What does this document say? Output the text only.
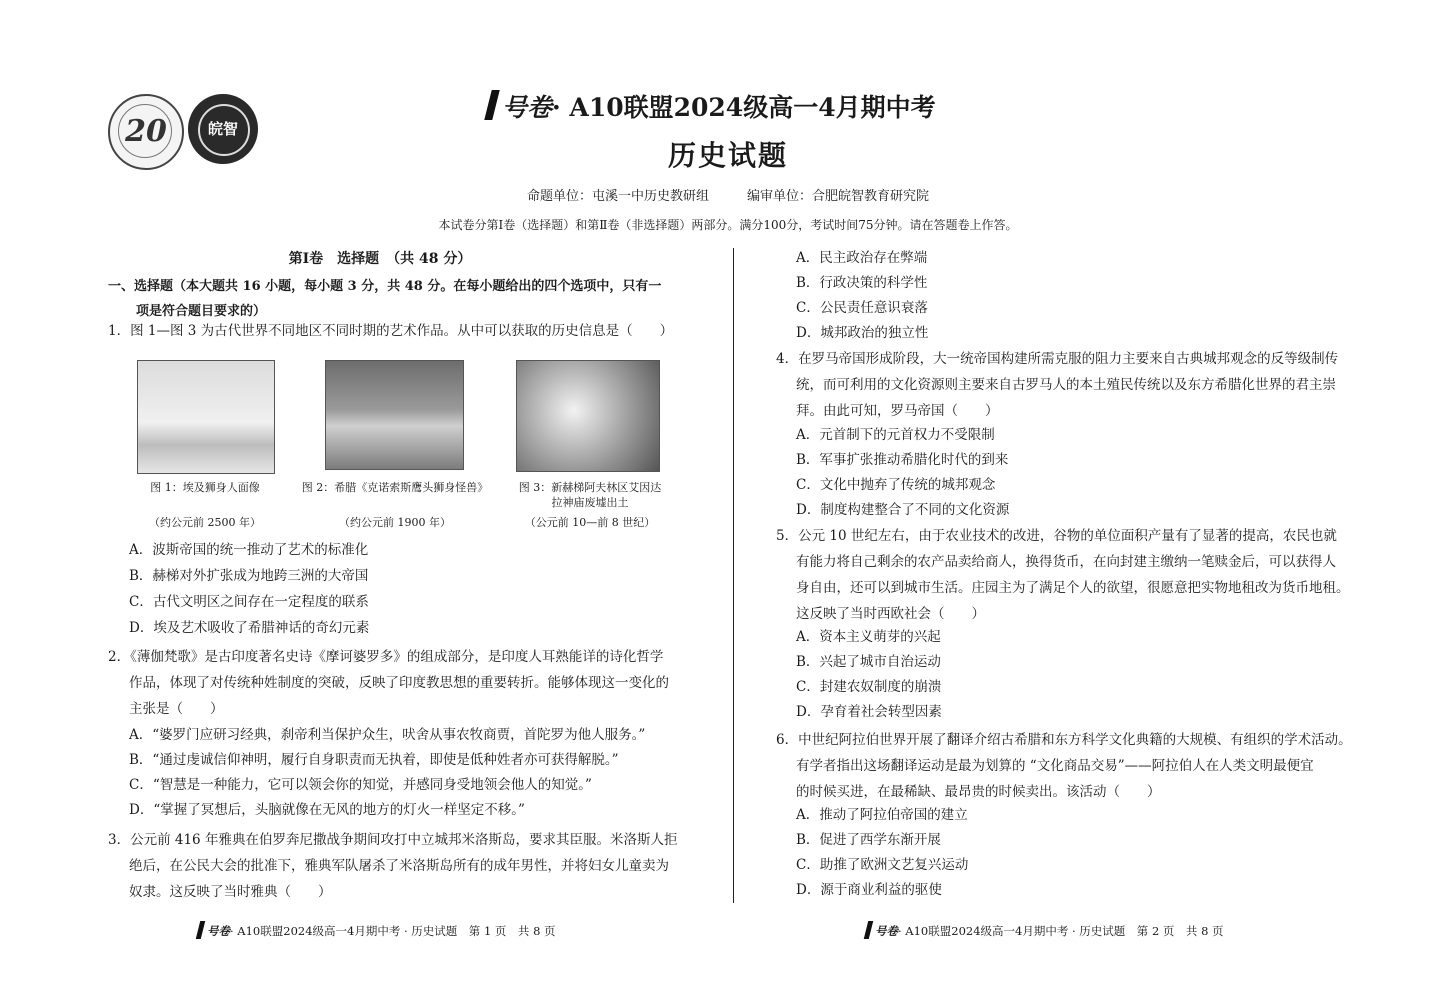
20	皖智
号卷· A10联盟2024级高一4月期中考
历史试题
命题单位：屯溪一中历史教研组	编审单位：合肥皖智教育研究院
本试卷分第Ⅰ卷（选择题）和第Ⅱ卷（非选择题）两部分。满分100分，考试时间75分钟。请在答题卷上作答。
第Ⅰ卷　选择题　（共 48 分）
一、选择题（本大题共 16 小题，每小题 3 分，共 48 分。在每小题给出的四个选项中，只有一
项是符合题目要求的）
1．图 1—图 3 为古代世界不同地区不同时期的艺术作品。从中可以获取的历史信息是（　　）
图 1：埃及狮身人面像	图 2：希腊《克诺索斯鹰头狮身怪兽》	图 3：新赫梯阿夫林区艾因达
拉神庙废墟出土
（约公元前 2500 年）	（约公元前 1900 年）	（公元前 10—前 8 世纪）
A．波斯帝国的统一推动了艺术的标准化
B．赫梯对外扩张成为地跨三洲的大帝国
C．古代文明区之间存在一定程度的联系
D．埃及艺术吸收了希腊神话的奇幻元素
2．《薄伽梵歌》是古印度著名史诗《摩诃婆罗多》的组成部分，是印度人耳熟能详的诗化哲学
作品，体现了对传统种姓制度的突破，反映了印度教思想的重要转折。能够体现这一变化的
主张是（　　）
A．“婆罗门应研习经典，刹帝利当保护众生，吠舍从事农牧商贾，首陀罗为他人服务。”
B．“通过虔诚信仰神明，履行自身职责而无执着，即使是低种姓者亦可获得解脱。”
C．“智慧是一种能力，它可以领会你的知觉，并感同身受地领会他人的知觉。”
D．“掌握了冥想后，头脑就像在无风的地方的灯火一样坚定不移。”
3．公元前 416 年雅典在伯罗奔尼撒战争期间攻打中立城邦米洛斯岛，要求其臣服。米洛斯人拒
绝后，在公民大会的批准下，雅典军队屠杀了米洛斯岛所有的成年男性，并将妇女儿童卖为
奴隶。这反映了当时雅典（　　）
A．民主政治存在弊端
B．行政决策的科学性
C．公民责任意识衰落
D．城邦政治的独立性
4．在罗马帝国形成阶段，大一统帝国构建所需克服的阻力主要来自古典城邦观念的反等级制传
统，而可利用的文化资源则主要来自古罗马人的本土殖民传统以及东方希腊化世界的君主崇
拜。由此可知，罗马帝国（　　）
A．元首制下的元首权力不受限制
B．军事扩张推动希腊化时代的到来
C．文化中抛弃了传统的城邦观念
D．制度构建整合了不同的文化资源
5．公元 10 世纪左右，由于农业技术的改进，谷物的单位面积产量有了显著的提高，农民也就
有能力将自己剩余的农产品卖给商人，换得货币，在向封建主缴纳一笔赎金后，可以获得人
身自由，还可以到城市生活。庄园主为了满足个人的欲望，很愿意把实物地租改为货币地租。
这反映了当时西欧社会（　　）
A．资本主义萌芽的兴起
B．兴起了城市自治运动
C．封建农奴制度的崩溃
D．孕育着社会转型因素
6．中世纪阿拉伯世界开展了翻译介绍古希腊和东方科学文化典籍的大规模、有组织的学术活动。
有学者指出这场翻译运动是最为划算的 “文化商品交易”——阿拉伯人在人类文明最便宜
的时候买进，在最稀缺、最昂贵的时候卖出。该活动（　　）
A．推动了阿拉伯帝国的建立
B．促进了西学东渐开展
C．助推了欧洲文艺复兴运动
D．源于商业利益的驱使
号卷· A10联盟2024级高一4月期中考 · 历史试题　第 1 页　共 8 页	号卷· A10联盟2024级高一4月期中考 · 历史试题　第 2 页　共 8 页
